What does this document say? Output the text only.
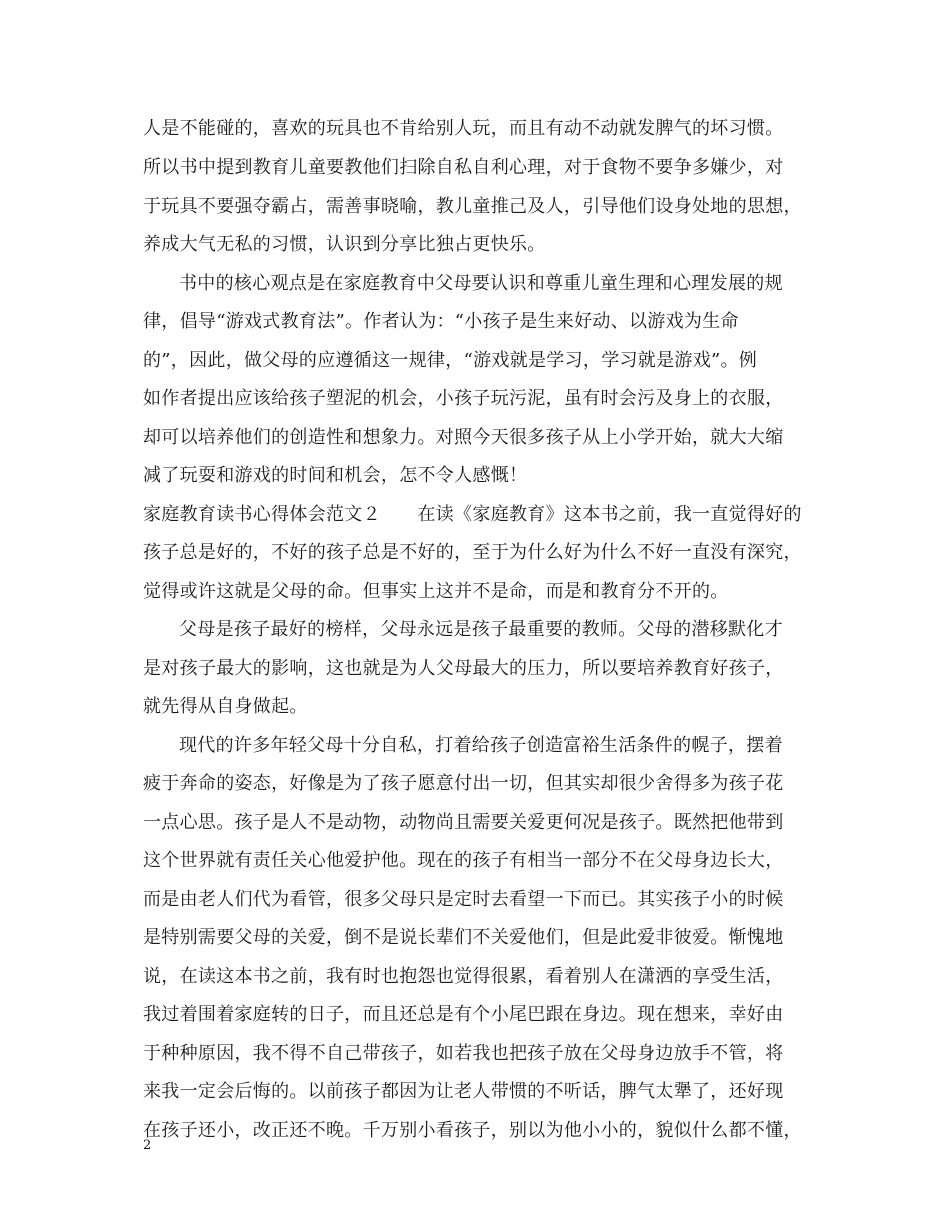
人是不能碰的，喜欢的玩具也不肯给别人玩，而且有动不动就发脾气的坏习惯。
所以书中提到教育儿童要教他们扫除自私自利心理，对于食物不要争多嫌少，对
于玩具不要强夺霸占，需善事晓喻，教儿童推己及人，引导他们设身处地的思想，
养成大气无私的习惯，认识到分享比独占更快乐。
书中的核心观点是在家庭教育中父母要认识和尊重儿童生理和心理发展的规
律，倡导“游戏式教育法”。作者认为：“小孩子是生来好动、以游戏为生命
的”，因此，做父母的应遵循这一规律，“游戏就是学习，学习就是游戏”。例
如作者提出应该给孩子塑泥的机会，小孩子玩污泥，虽有时会污及身上的衣服，
却可以培养他们的创造性和想象力。对照今天很多孩子从上小学开始，就大大缩
减了玩耍和游戏的时间和机会，怎不令人感慨！
家庭教育读书心得体会范文２　　在读《家庭教育》这本书之前，我一直觉得好的
孩子总是好的，不好的孩子总是不好的，至于为什么好为什么不好一直没有深究，
觉得或许这就是父母的命。但事实上这并不是命，而是和教育分不开的。
父母是孩子最好的榜样，父母永远是孩子最重要的教师。父母的潜移默化才
是对孩子最大的影响，这也就是为人父母最大的压力，所以要培养教育好孩子，
就先得从自身做起。
现代的许多年轻父母十分自私，打着给孩子创造富裕生活条件的幌子，摆着
疲于奔命的姿态，好像是为了孩子愿意付出一切，但其实却很少舍得多为孩子花
一点心思。孩子是人不是动物，动物尚且需要关爱更何况是孩子。既然把他带到
这个世界就有责任关心他爱护他。现在的孩子有相当一部分不在父母身边长大，
而是由老人们代为看管，很多父母只是定时去看望一下而已。其实孩子小的时候
是特别需要父母的关爱，倒不是说长辈们不关爱他们，但是此爱非彼爱。惭愧地
说，在读这本书之前，我有时也抱怨也觉得很累，看着别人在潇洒的享受生活，
我过着围着家庭转的日子，而且还总是有个小尾巴跟在身边。现在想来，幸好由
于种种原因，我不得不自己带孩子，如若我也把孩子放在父母身边放手不管，将
来我一定会后悔的。以前孩子都因为让老人带惯的不听话，脾气太犟了，还好现
在孩子还小，改正还不晚。千万别小看孩子，别以为他小小的，貌似什么都不懂，
2
